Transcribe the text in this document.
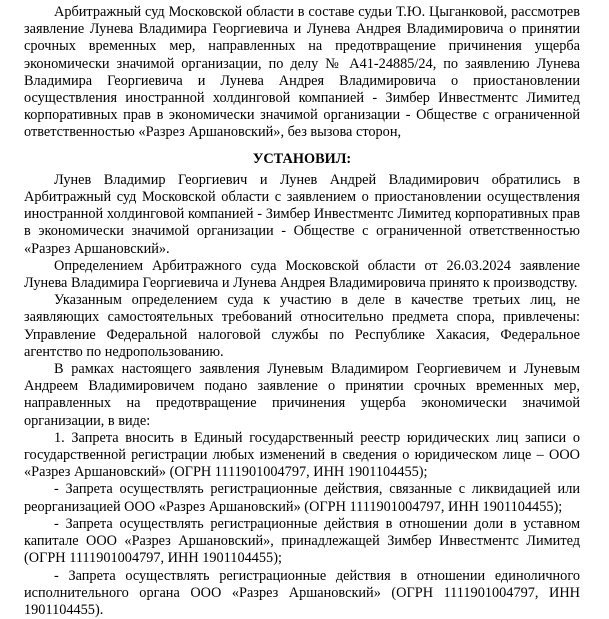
Арбитражный суд Московской области в составе судьи Т.Ю. Цыганковой, рассмотрев заявление Лунева Владимира Георгиевича и Лунева Андрея Владимировича о принятии срочных временных мер, направленных на предотвращение причинения ущерба экономически значимой организации, по делу № А41-24885/24, по заявлению Лунева Владимира Георгиевича и Лунева Андрея Владимировича о приостановлении осуществления иностранной холдинговой компанией - Зимбер Инвестментс Лимитед корпоративных прав в экономически значимой организации - Обществе с ограниченной ответственностью «Разрез Аршановский», без вызова сторон,

УСТАНОВИЛ:

Лунев Владимир Георгиевич и Лунев Андрей Владимирович обратились в Арбитражный суд Московской области с заявлением о приостановлении осуществления иностранной холдинговой компанией - Зимбер Инвестментс Лимитед корпоративных прав в экономически значимой организации - Обществе с ограниченной ответственностью «Разрез Аршановский».

Определением Арбитражного суда Московской области от 26.03.2024 заявление Лунева Владимира Георгиевича и Лунева Андрея Владимировича принято к производству.

Указанным определением суда к участию в деле в качестве третьих лиц, не заявляющих самостоятельных требований относительно предмета спора, привлечены: Управление Федеральной налоговой службы по Республике Хакасия, Федеральное агентство по недропользованию.

В рамках настоящего заявления Луневым Владимиром Георгиевичем и Луневым Андреем Владимировичем подано заявление о принятии срочных временных мер, направленных на предотвращение причинения ущерба экономически значимой организации, в виде:

1. Запрета вносить в Единый государственный реестр юридических лиц записи о государственной регистрации любых изменений в сведения о юридическом лице – ООО «Разрез Аршановский» (ОГРН 1111901004797, ИНН 1901104455);

- Запрета осуществлять регистрационные действия, связанные с ликвидацией или реорганизацией ООО «Разрез Аршановский» (ОГРН 1111901004797, ИНН 1901104455);

- Запрета осуществлять регистрационные действия в отношении доли в уставном капитале ООО «Разрез Аршановский», принадлежащей Зимбер Инвестментс Лимитед (ОГРН 1111901004797, ИНН 1901104455);

- Запрета осуществлять регистрационные действия в отношении единоличного исполнительного органа ООО «Разрез Аршановский» (ОГРН 1111901004797, ИНН 1901104455).
